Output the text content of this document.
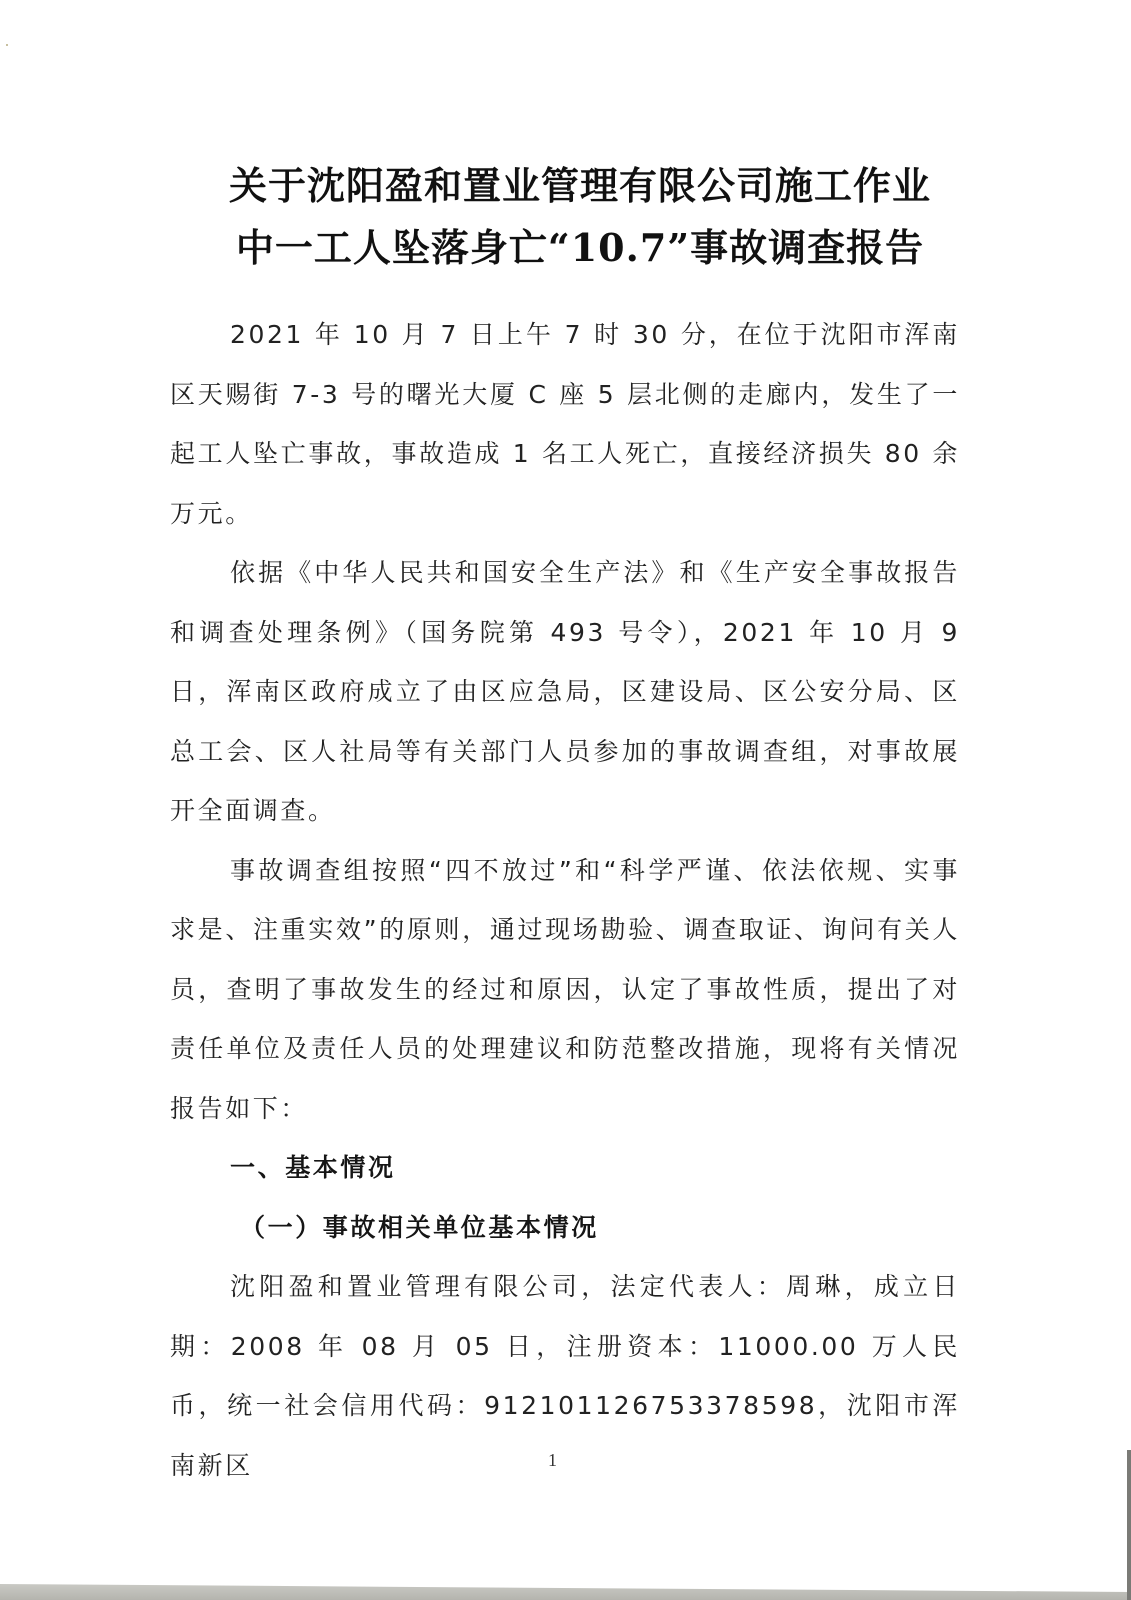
关于沈阳盈和置业管理有限公司施工作业
中一工人坠落身亡“10.7”事故调查报告

2021 年 10 月 7 日上午 7 时 30 分，在位于沈阳市浑南区天赐街 7-3 号的曙光大厦 C 座 5 层北侧的走廊内，发生了一起工人坠亡事故，事故造成 1 名工人死亡，直接经济损失 80 余万元。

依据《中华人民共和国安全生产法》和《生产安全事故报告和调查处理条例》（国务院第 493 号令），2021 年 10 月 9 日，浑南区政府成立了由区应急局，区建设局、区公安分局、区总工会、区人社局等有关部门人员参加的事故调查组，对事故展开全面调查。

事故调查组按照“四不放过”和“科学严谨、依法依规、实事求是、注重实效”的原则，通过现场勘验、调查取证、询问有关人员，查明了事故发生的经过和原因，认定了事故性质，提出了对责任单位及责任人员的处理建议和防范整改措施，现将有关情况报告如下：

一、基本情况

（一）事故相关单位基本情况

沈阳盈和置业管理有限公司，法定代表人：周琳，成立日期：2008 年 08 月 05 日，注册资本：11000.00 万人民币，统一社会信用代码：912101126753378598，沈阳市浑南新区	1
